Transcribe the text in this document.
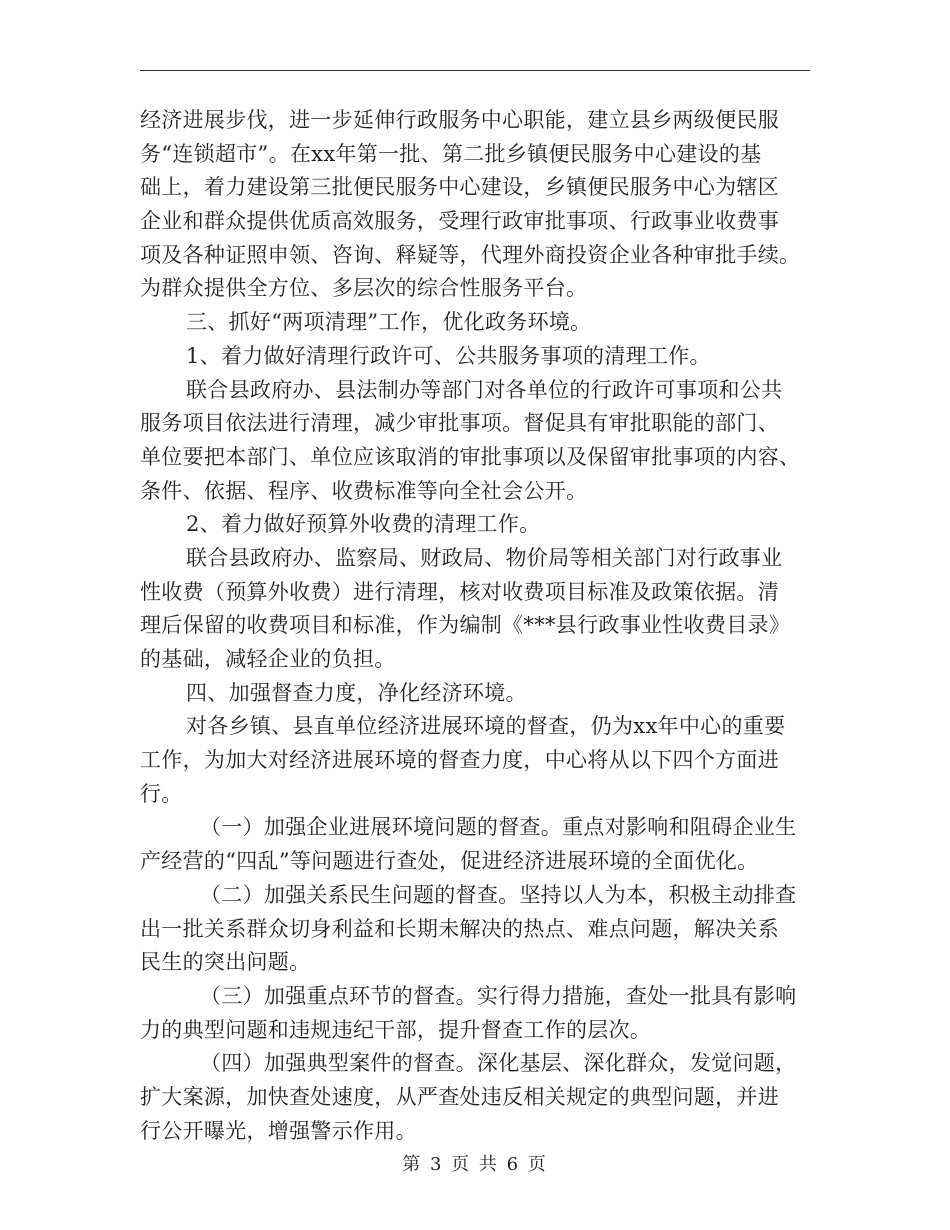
经济进展步伐，进一步延伸行政服务中心职能，建立县乡两级便民服
务“连锁超市”。在xx年第一批、第二批乡镇便民服务中心建设的基
础上，着力建设第三批便民服务中心建设，乡镇便民服务中心为辖区
企业和群众提供优质高效服务，受理行政审批事项、行政事业收费事
项及各种证照申领、咨询、释疑等，代理外商投资企业各种审批手续。
为群众提供全方位、多层次的综合性服务平台。
三、抓好“两项清理”工作，优化政务环境。
1、着力做好清理行政许可、公共服务事项的清理工作。
联合县政府办、县法制办等部门对各单位的行政许可事项和公共
服务项目依法进行清理，减少审批事项。督促具有审批职能的部门、
单位要把本部门、单位应该取消的审批事项以及保留审批事项的内容、
条件、依据、程序、收费标准等向全社会公开。
2、着力做好预算外收费的清理工作。
联合县政府办、监察局、财政局、物价局等相关部门对行政事业
性收费（预算外收费）进行清理，核对收费项目标准及政策依据。清
理后保留的收费项目和标准，作为编制《***县行政事业性收费目录》
的基础，减轻企业的负担。
四、加强督查力度，净化经济环境。
对各乡镇、县直单位经济进展环境的督查，仍为xx年中心的重要
工作，为加大对经济进展环境的督查力度，中心将从以下四个方面进
行。
（一）加强企业进展环境问题的督查。重点对影响和阻碍企业生
产经营的“四乱”等问题进行查处，促进经济进展环境的全面优化。
（二）加强关系民生问题的督查。坚持以人为本，积极主动排查
出一批关系群众切身利益和长期未解决的热点、难点问题，解决关系
民生的突出问题。
（三）加强重点环节的督查。实行得力措施，查处一批具有影响
力的典型问题和违规违纪干部，提升督查工作的层次。
（四）加强典型案件的督查。深化基层、深化群众，发觉问题，
扩大案源，加快查处速度，从严查处违反相关规定的典型问题，并进
行公开曝光，增强警示作用。
第 3 页 共 6 页
